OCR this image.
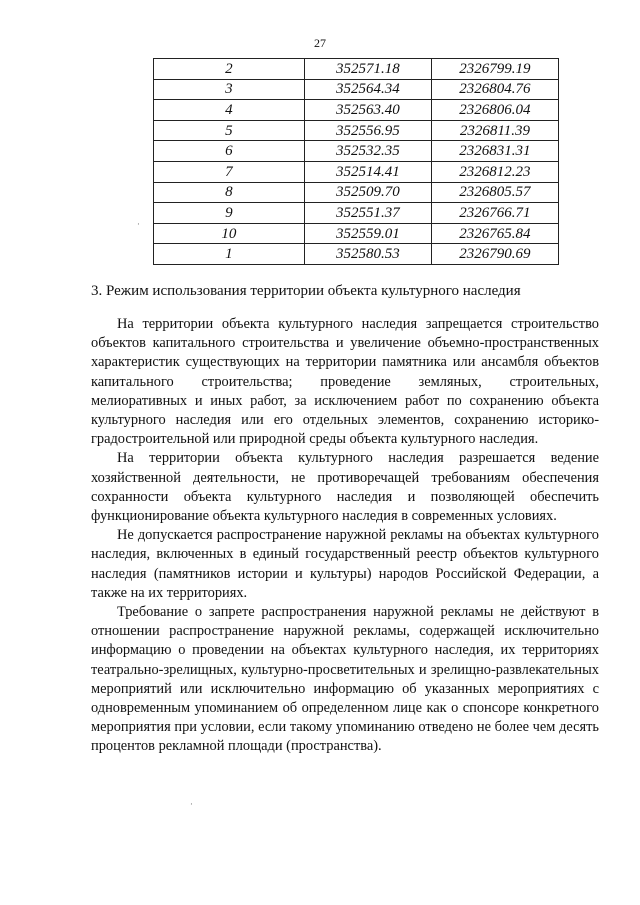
27
2	352571.18	2326799.19
3	352564.34	2326804.76
4	352563.40	2326806.04
5	352556.95	2326811.39
6	352532.35	2326831.31
7	352514.41	2326812.23
8	352509.70	2326805.57
9	352551.37	2326766.71
10	352559.01	2326765.84
1	352580.53	2326790.69
·
·
3. Режим использования территории объекта культурного наследия

На территории объекта культурного наследия запрещается строительство объектов капитального строительства и увеличение объемно-пространственных характеристик существующих на территории памятника или ансамбля объектов капитального строительства; проведение земляных, строительных, мелиоративных и иных работ, за исключением работ по сохранению объекта культурного наследия или его отдельных элементов, сохранению историко-градостроительной или природной среды объекта культурного наследия.

На территории объекта культурного наследия разрешается ведение хозяйственной деятельности, не противоречащей требованиям обеспечения сохранности объекта культурного наследия и позволяющей обеспечить функционирование объекта культурного наследия в современных условиях.

Не допускается распространение наружной рекламы на объектах культурного наследия, включенных в единый государственный реестр объектов культурного наследия (памятников истории и культуры) народов Российской Федерации, а также на их территориях.

Требование о запрете распространения наружной рекламы не действуют в отношении распространение наружной рекламы, содержащей исключительно информацию о проведении на объектах культурного наследия, их территориях театрально-зрелищных, культурно-просветительных и зрелищно-развлекательных мероприятий или исключительно информацию об указанных мероприятиях с одновременным упоминанием об определенном лице как о спонсоре конкретного мероприятия при условии, если такому упоминанию отведено не более чем десять процентов рекламной площади (пространства).
